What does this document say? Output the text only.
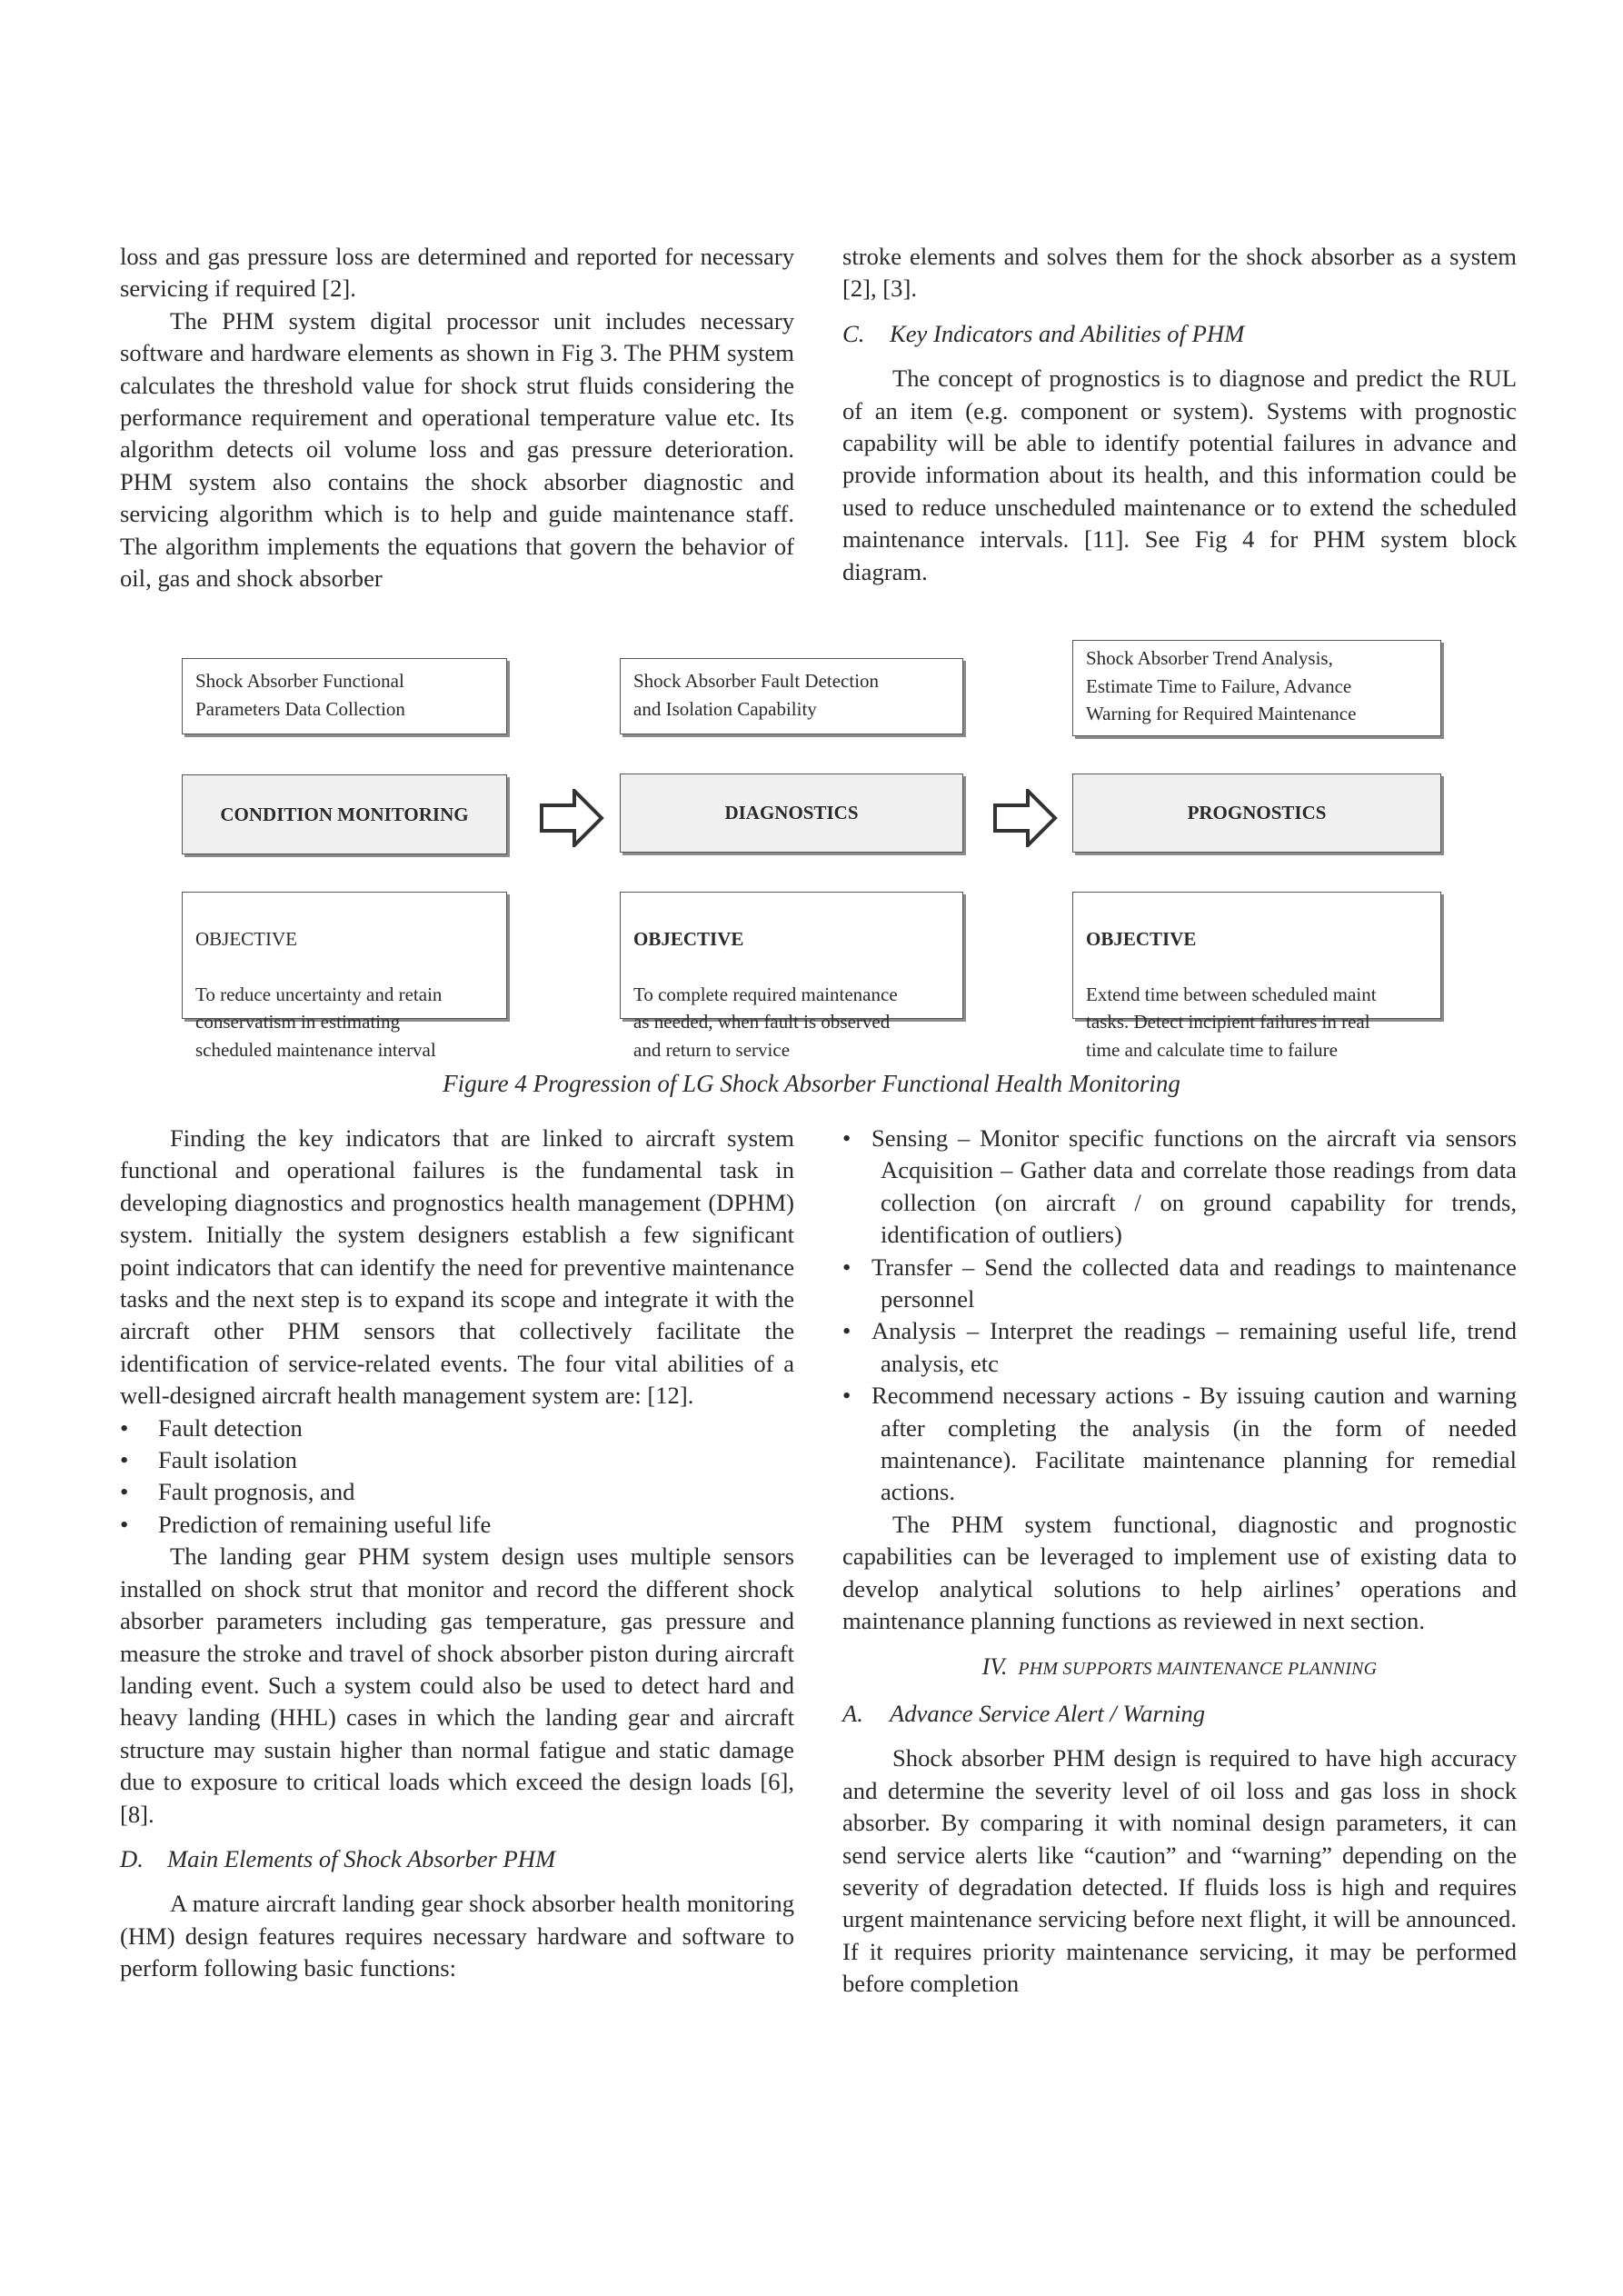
loss and gas pressure loss are determined and reported for necessary servicing if required [2].

The PHM system digital processor unit includes necessary software and hardware elements as shown in Fig 3. The PHM system calculates the threshold value for shock strut fluids considering the performance requirement and operational temperature value etc. Its algorithm detects oil volume loss and gas pressure deterioration. PHM system also contains the shock absorber diagnostic and servicing algorithm which is to help and guide maintenance staff. The algorithm implements the equations that govern the behavior of oil, gas and shock absorber

stroke elements and solves them for the shock absorber as a system [2], [3].

C. Key Indicators and Abilities of PHM

The concept of prognostics is to diagnose and predict the RUL of an item (e.g. component or system). Systems with prognostic capability will be able to identify potential failures in advance and provide information about its health, and this information could be used to reduce unscheduled maintenance or to extend the scheduled maintenance intervals. [11]. See Fig 4 for PHM system block diagram.

Shock Absorber Functional
Parameters Data Collection
Shock Absorber Fault Detection
and Isolation Capability
Shock Absorber Trend Analysis,
Estimate Time to Failure, Advance
Warning for Required Maintenance
CONDITION MONITORING	DIAGNOSTICS	PROGNOSTICS

OBJECTIVE

To reduce uncertainty and retain
conservatism in estimating
scheduled maintenance interval

OBJECTIVE

To complete required maintenance
as needed, when fault is observed
and return to service

OBJECTIVE

Extend time between scheduled maint
tasks. Detect incipient failures in real
time and calculate time to failure

Figure 4 Progression of LG Shock Absorber Functional Health Monitoring

Finding the key indicators that are linked to aircraft system functional and operational failures is the fundamental task in developing diagnostics and prognostics health management (DPHM) system. Initially the system designers establish a few significant point indicators that can identify the need for preventive maintenance tasks and the next step is to expand its scope and integrate it with the aircraft other PHM sensors that collectively facilitate the identification of service-related events. The four vital abilities of a well-designed aircraft health management system are: [12].

• Fault detection
• Fault isolation
• Fault prognosis, and
• Prediction of remaining useful life

The landing gear PHM system design uses multiple sensors installed on shock strut that monitor and record the different shock absorber parameters including gas temperature, gas pressure and measure the stroke and travel of shock absorber piston during aircraft landing event. Such a system could also be used to detect hard and heavy landing (HHL) cases in which the landing gear and aircraft structure may sustain higher than normal fatigue and static damage due to exposure to critical loads which exceed the design loads [6], [8].

D. Main Elements of Shock Absorber PHM

A mature aircraft landing gear shock absorber health monitoring (HM) design features requires necessary hardware and software to perform following basic functions:

• Sensing – Monitor specific functions on the aircraft via sensors Acquisition – Gather data and correlate those readings from data collection (on aircraft / on ground capability for trends, identification of outliers)
• Transfer – Send the collected data and readings to maintenance personnel
• Analysis – Interpret the readings – remaining useful life, trend analysis, etc
• Recommend necessary actions - By issuing caution and warning after completing the analysis (in the form of needed maintenance). Facilitate maintenance planning for remedial actions.

The PHM system functional, diagnostic and prognostic capabilities can be leveraged to implement use of existing data to develop analytical solutions to help airlines’ operations and maintenance planning functions as reviewed in next section.

IV. PHM SUPPORTS MAINTENANCE PLANNING

A. Advance Service Alert / Warning

Shock absorber PHM design is required to have high accuracy and determine the severity level of oil loss and gas loss in shock absorber. By comparing it with nominal design parameters, it can send service alerts like “caution” and “warning” depending on the severity of degradation detected. If fluids loss is high and requires urgent maintenance servicing before next flight, it will be announced. If it requires priority maintenance servicing, it may be performed before completion
